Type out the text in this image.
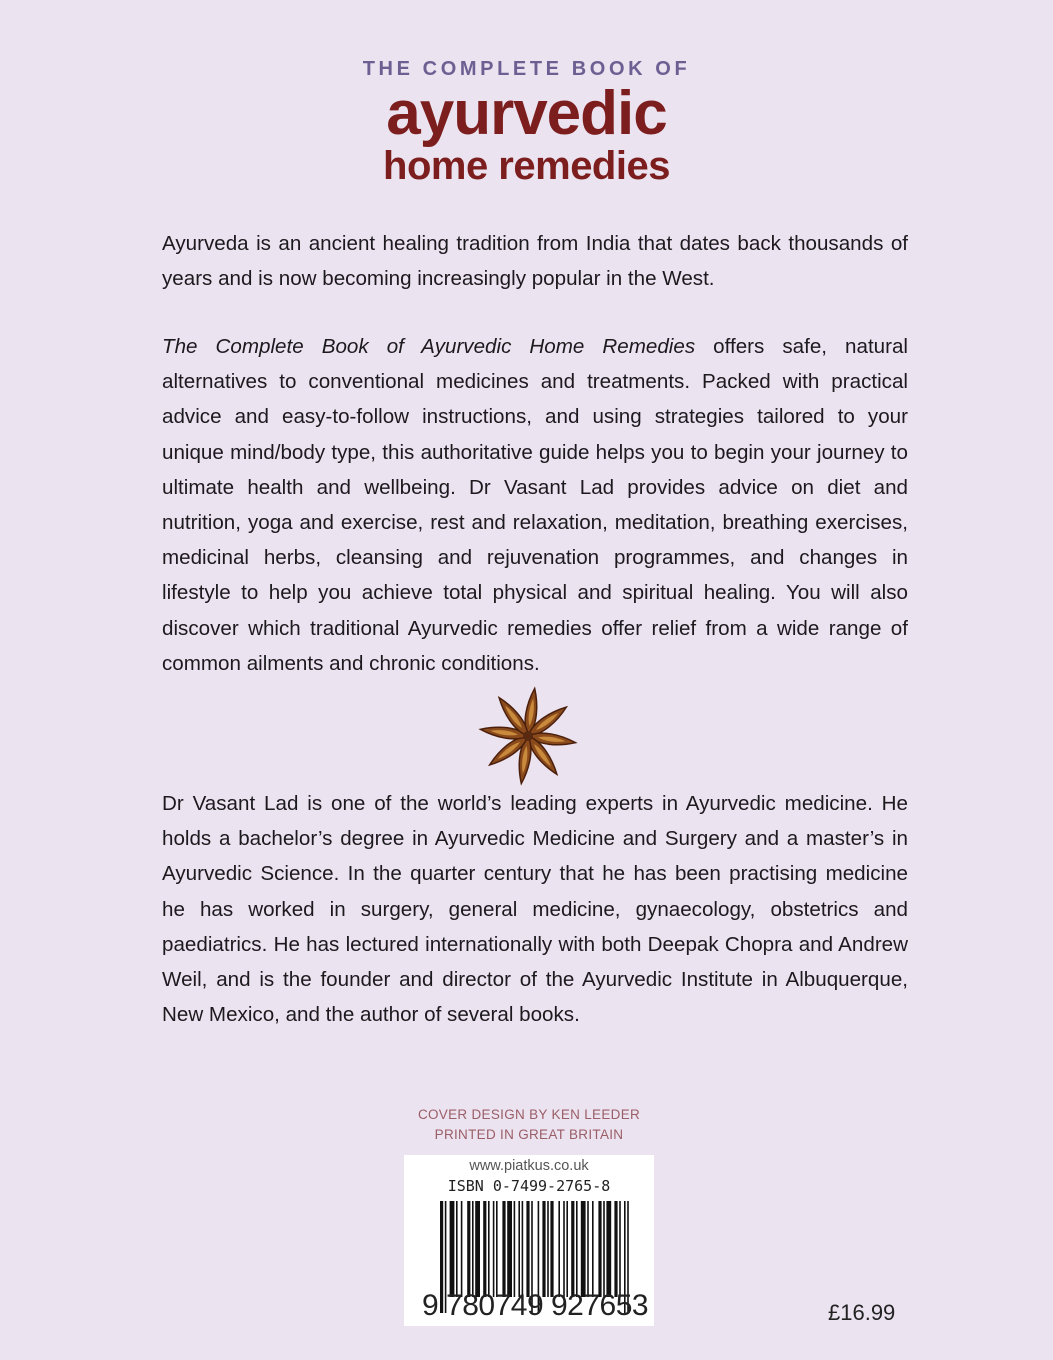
THE COMPLETE BOOK OF
ayurvedic
home remedies

Ayurveda is an ancient healing tradition from India that dates back thousands of years and is now becoming increasingly popular in the West.

The Complete Book of Ayurvedic Home Remedies offers safe, natural alternatives to conventional medicines and treatments. Packed with practical advice and easy-to-follow instructions, and using strategies tailored to your unique mind/body type, this authoritative guide helps you to begin your journey to ultimate health and wellbeing. Dr Vasant Lad provides advice on diet and nutrition, yoga and exercise, rest and relaxation, meditation, breathing exercises, medicinal herbs, cleansing and rejuvenation programmes, and changes in lifestyle to help you achieve total physical and spiritual healing. You will also discover which traditional Ayurvedic remedies offer relief from a wide range of common ailments and chronic conditions.

Dr Vasant Lad is one of the world’s leading experts in Ayurvedic medicine. He holds a bachelor’s degree in Ayurvedic Medicine and Surgery and a master’s in Ayurvedic Science. In the quarter century that he has been practising medicine he has worked in surgery, general medicine, gynaecology, obstetrics and paediatrics. He has lectured internationally with both Deepak Chopra and Andrew Weil, and is the founder and director of the Ayurvedic Institute in Albuquerque, New Mexico, and the author of several books.

COVER DESIGN BY KEN LEEDER
PRINTED IN GREAT BRITAIN
www.piatkus.co.uk
ISBN 0-7499-2765-8
9 780749 927653	£16.99
